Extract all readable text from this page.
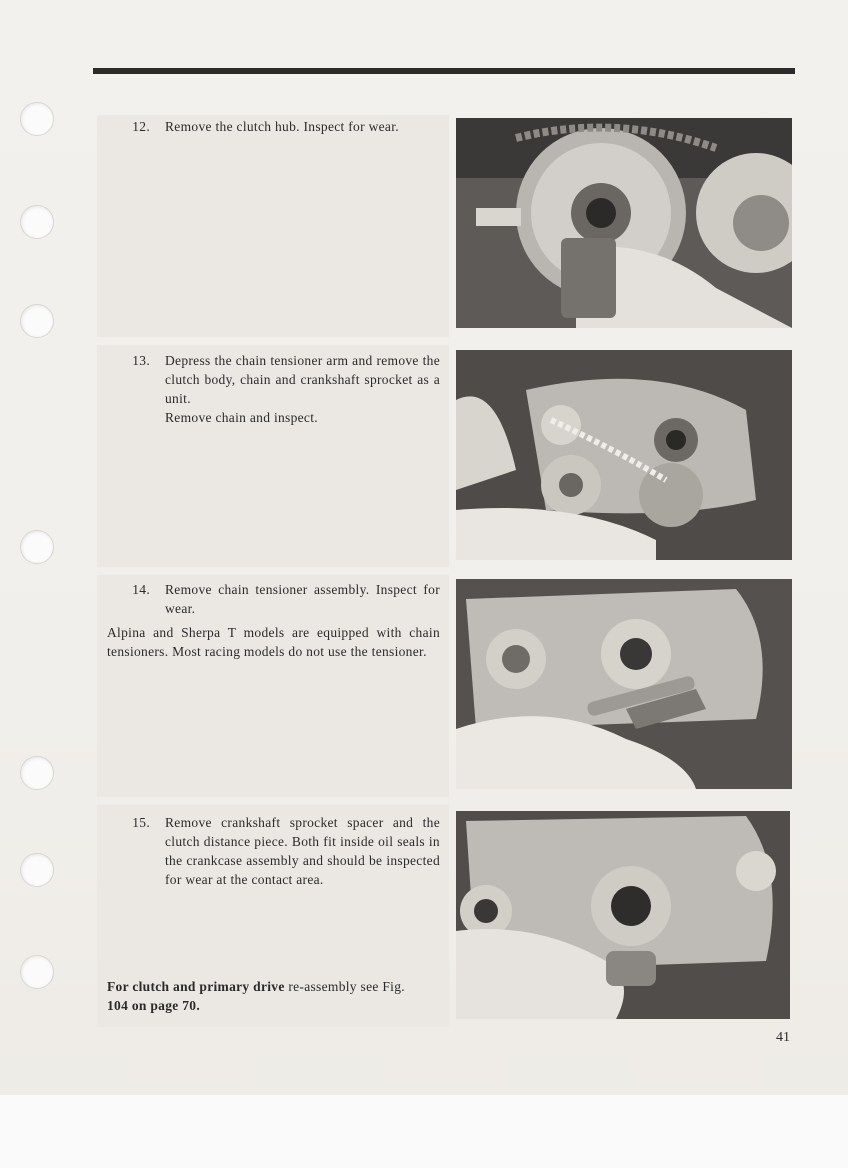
12. Remove the clutch hub. Inspect for wear.
13. Depress the chain tensioner arm and remove the clutch body, chain and crankshaft sprocket as a unit.
Remove chain and inspect.
14. Remove chain tensioner assembly. Inspect for wear.
Alpina and Sherpa T models are equipped with chain tensioners. Most racing models do not use the tensioner.
15. Remove crankshaft sprocket spacer and the clutch distance piece. Both fit inside oil seals in the crankcase assembly and should be inspected for wear at the contact area.
For clutch and primary drive re-assembly see Fig.
104 on page 70.
41
